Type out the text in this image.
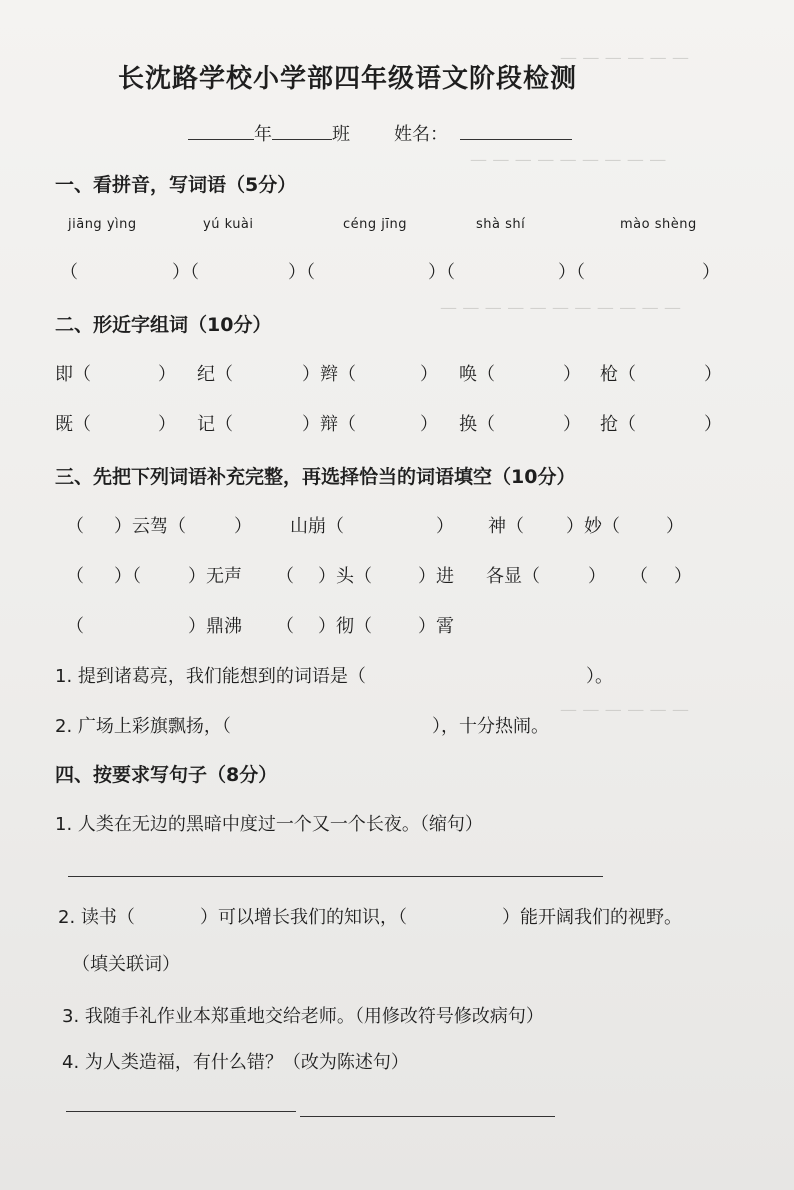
— — — — — —
— — — — — — — — —
— — — — — — — — — — —
— — — — — —
长沈路学校小学部四年级语文阶段检测
年	班 姓名：
一、看拼音，写词语（5分）
jiāng yìng	yú kuài	céng jīng	shà shí	mào shèng
（	）（	）（	）（	）（	）
二、形近字组词（10分）
即（	） 纪（	）辫（	） 唤（	） 枪（	）
既（	） 记（	）辩（	） 换（	） 抢（	）
三、先把下列词语补充完整，再选择恰当的词语填空（10分）
（ ）云驾（	） 山崩（	） 神（ ）妙（	）
（ ）（	）无声 （ ）头（	）进 各显（	） （ ）
（	）鼎沸 （ ）彻（	）霄
1. 提到诸葛亮，我们能想到的词语是（	）。
2. 广场上彩旗飘扬，（	），十分热闹。
四、按要求写句子（8分）
1. 人类在无边的黑暗中度过一个又一个长夜。（缩句）
2. 读书（	）可以增长我们的知识，（	）能开阔我们的视野。
（填关联词）
3. 我随手礼作业本郑重地交给老师。（用修改符号修改病句）
4. 为人类造福，有什么错？（改为陈述句）
